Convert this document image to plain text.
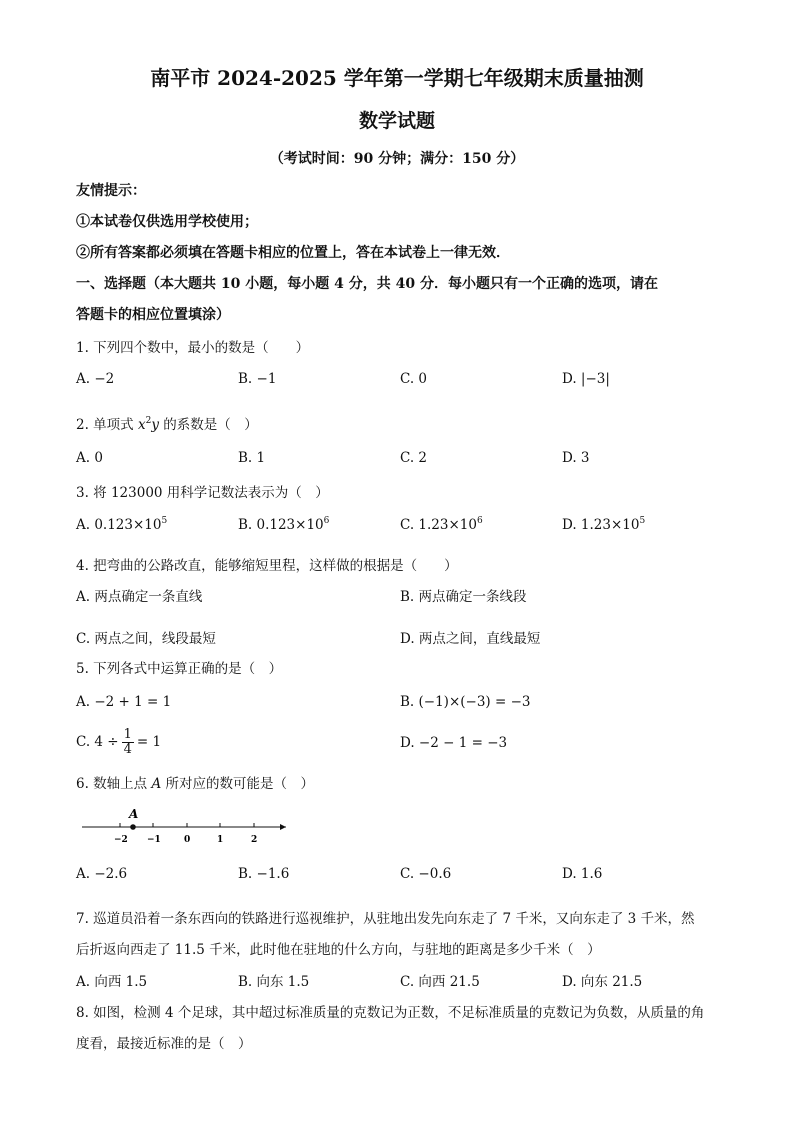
南平市 2024-2025 学年第一学期七年级期末质量抽测
数学试题
（考试时间：90 分钟；满分：150 分）
友情提示：
①本试卷仅供选用学校使用；
②所有答案都必须填在答题卡相应的位置上，答在本试卷上一律无效．
一、选择题（本大题共 10 小题，每小题 4 分，共 40 分．每小题只有一个正确的选项，请在
答题卡的相应位置填涂）
1. 下列四个数中，最小的数是（　　）
A. −2	B. −1	C. 0	D. |−3|
2. 单项式 $x^2y$ 的系数是（　）
A. 0	B. 1	C. 2	D. 3
3. 将 123000 用科学记数法表示为（　）
A. $0.123\times 10^5$	B. $0.123\times 10^6$	C. $1.23\times 10^6$	D. $1.23\times 10^5$
4. 把弯曲的公路改直，能够缩短里程，这样做的根据是（　　）
A. 两点确定一条直线	B. 两点确定一条线段
C. 两点之间，线段最短	D. 两点之间，直线最短
5. 下列各式中运算正确的是（　）
A. −2 + 1 = 1	B. (−1)×(−3) = −3
C. $4 \div \frac{1}{4} = 1$	D. −2 − 1 = −3
6. 数轴上点 A 所对应的数可能是（　）
A
−2 −1	0	1	2
A. −2.6	B. −1.6	C. −0.6	D. 1.6
7. 巡道员沿着一条东西向的铁路进行巡视维护，从驻地出发先向东走了 7 千米，又向东走了 3 千米，然
后折返向西走了 11.5 千米，此时他在驻地的什么方向，与驻地的距离是多少千米（　）
A. 向西 1.5	B. 向东 1.5	C. 向西 21.5	D. 向东 21.5
8. 如图，检测 4 个足球，其中超过标准质量的克数记为正数，不足标准质量的克数记为负数，从质量的角
度看，最接近标准的是（　）
